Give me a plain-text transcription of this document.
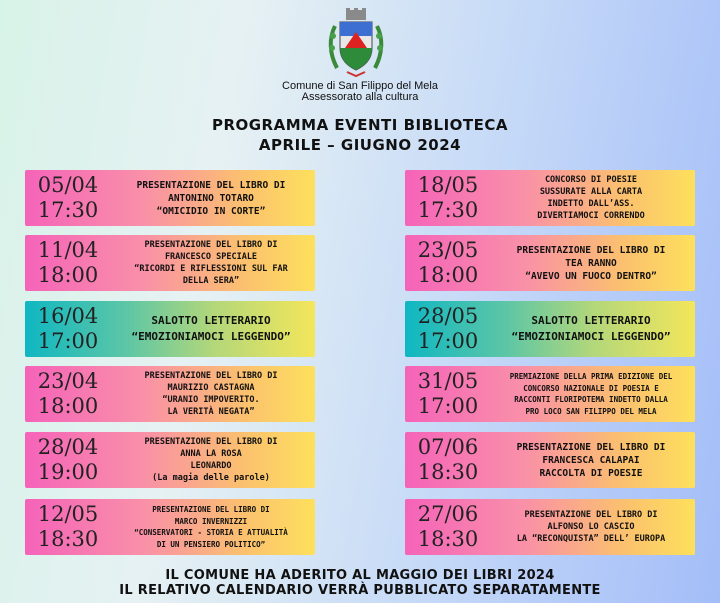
Comune di San Filippo del Mela
Assessorato alla cultura
PROGRAMMA EVENTI BIBLIOTECA
APRILE – GIUGNO 2024
05/04
17:30
PRESENTAZIONE DEL LIBRO DI
ANTONINO TOTARO
“OMICIDIO IN CORTE”
11/04
18:00
PRESENTAZIONE DEL LIBRO DI
FRANCESCO SPECIALE
“RICORDI E RIFLESSIONI SUL FAR
DELLA SERA”
16/04
17:00
SALOTTO LETTERARIO
“EMOZIONIAMOCI LEGGENDO”
23/04
18:00
PRESENTAZIONE DEL LIBRO DI
MAURIZIO CASTAGNA
“URANIO IMPOVERITO.
LA VERITÀ NEGATA”
28/04
19:00
PRESENTAZIONE DEL LIBRO DI
ANNA LA ROSA
LEONARDO
(La magia delle parole)
12/05
18:30
PRESENTAZIONE DEL LIBRO DI
MARCO INVERNIZZI
“CONSERVATORI - STORIA E ATTUALITÀ
DI UN PENSIERO POLITICO”
18/05
17:30
CONCORSO DI POESIE
SUSSURATE ALLA CARTA
INDETTO DALL’ASS.
DIVERTIAMOCI CORRENDO
23/05
18:00
PRESENTAZIONE DEL LIBRO DI
TEA RANNO
“AVEVO UN FUOCO DENTRO”
28/05
17:00
SALOTTO LETTERARIO
“EMOZIONIAMOCI LEGGENDO”
31/05
17:00
PREMIAZIONE DELLA PRIMA EDIZIONE DEL
CONCORSO NAZIONALE DI POESIA E
RACCONTI FLORIPOTEMA INDETTO DALLA
PRO LOCO SAN FILIPPO DEL MELA
07/06
18:30
PRESENTAZIONE DEL LIBRO DI
FRANCESCA CALAPAI
RACCOLTA DI POESIE
27/06
18:30
PRESENTAZIONE DEL LIBRO DI
ALFONSO LO CASCIO
LA “RECONQUISTA” DELL’ EUROPA
IL COMUNE HA ADERITO AL MAGGIO DEI LIBRI 2024
IL RELATIVO CALENDARIO VERRÀ PUBBLICATO SEPARATAMENTE
